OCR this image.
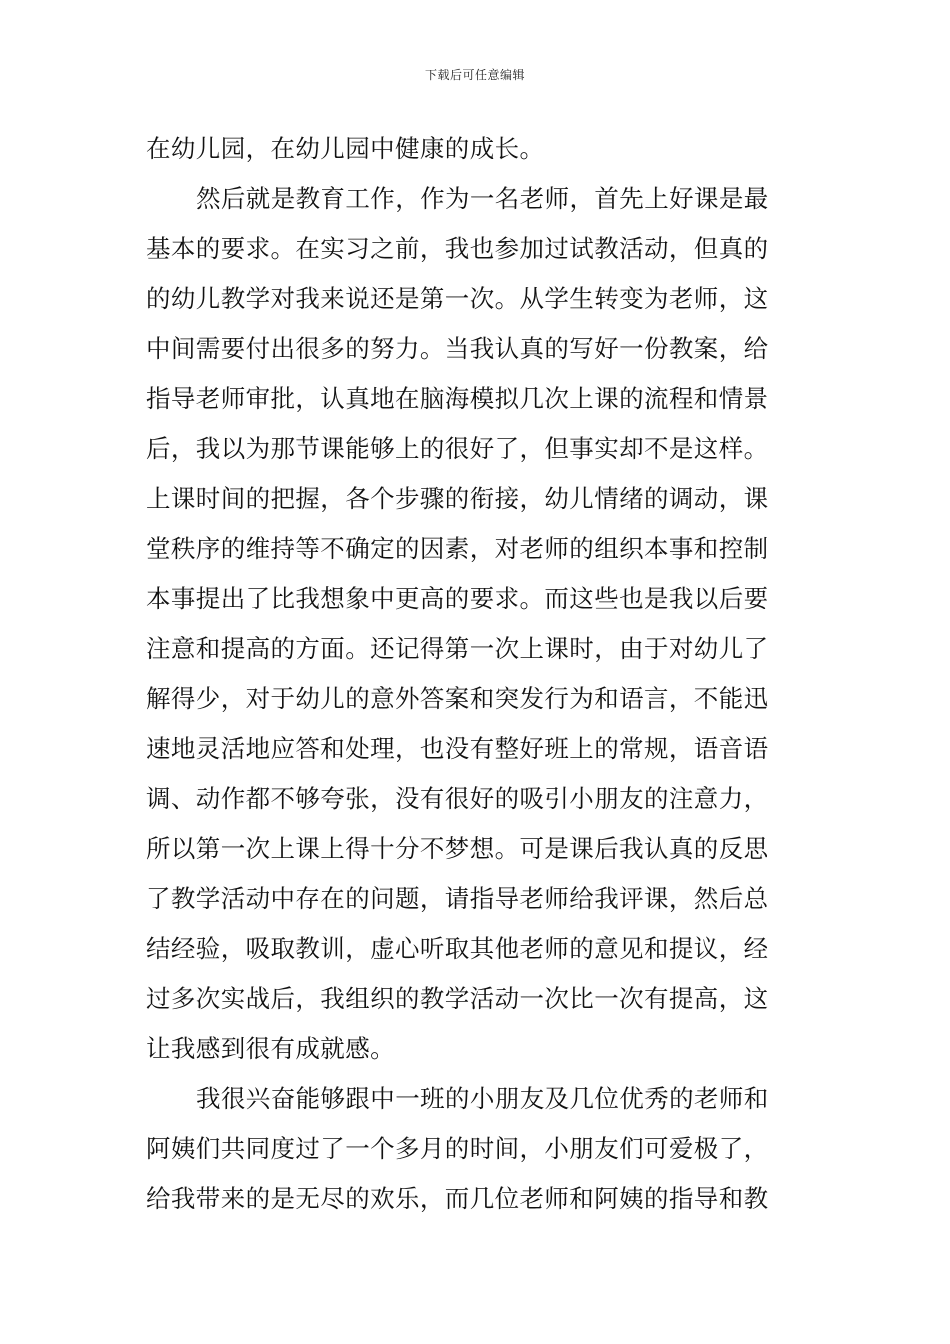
下载后可任意编辑
在幼儿园，在幼儿园中健康的成长。
然后就是教育工作，作为一名老师，首先上好课是最
基本的要求。在实习之前，我也参加过试教活动，但真的
的幼儿教学对我来说还是第一次。从学生转变为老师，这
中间需要付出很多的努力。当我认真的写好一份教案，给
指导老师审批，认真地在脑海模拟几次上课的流程和情景
后，我以为那节课能够上的很好了，但事实却不是这样。
上课时间的把握，各个步骤的衔接，幼儿情绪的调动，课
堂秩序的维持等不确定的因素，对老师的组织本事和控制
本事提出了比我想象中更高的要求。而这些也是我以后要
注意和提高的方面。还记得第一次上课时，由于对幼儿了
解得少，对于幼儿的意外答案和突发行为和语言，不能迅
速地灵活地应答和处理，也没有整好班上的常规，语音语
调、动作都不够夸张，没有很好的吸引小朋友的注意力，
所以第一次上课上得十分不梦想。可是课后我认真的反思
了教学活动中存在的问题，请指导老师给我评课，然后总
结经验，吸取教训，虚心听取其他老师的意见和提议，经
过多次实战后，我组织的教学活动一次比一次有提高，这
让我感到很有成就感。
我很兴奋能够跟中一班的小朋友及几位优秀的老师和
阿姨们共同度过了一个多月的时间，小朋友们可爱极了，
给我带来的是无尽的欢乐，而几位老师和阿姨的指导和教
